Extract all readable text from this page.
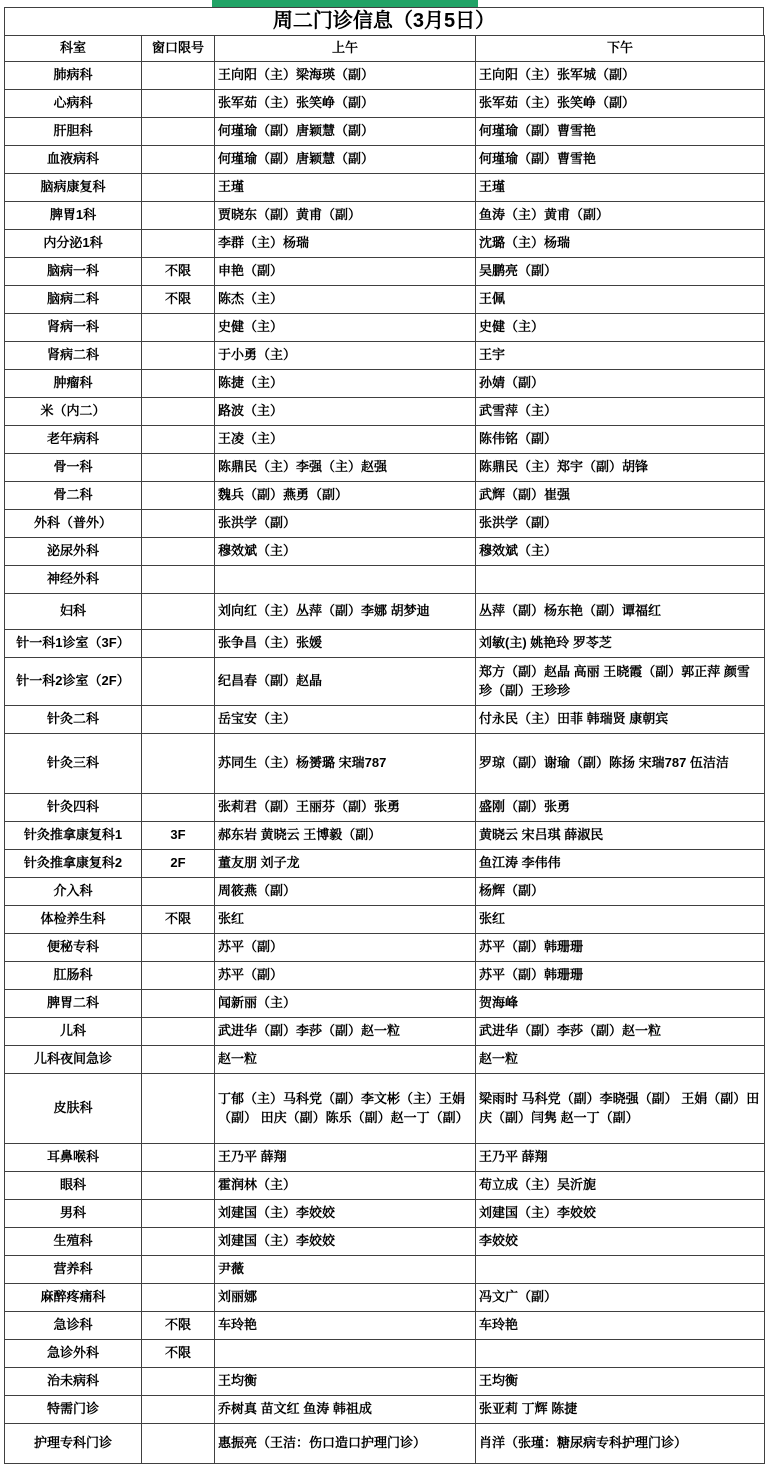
周二门诊信息（3月5日）
科室	窗口限号	上午	下午
肺病科		王向阳（主）梁海瑛（副）	王向阳（主）张军城（副）
心病科		张军茹（主）张笑峥（副）	张军茹（主）张笑峥（副）
肝胆科		何瑾瑜（副）唐颖慧（副）	何瑾瑜（副）曹雪艳
血液病科		何瑾瑜（副）唐颖慧（副）	何瑾瑜（副）曹雪艳
脑病康复科		王瑾	王瑾
脾胃1科		贾晓东（副）黄甫（副）	鱼涛（主）黄甫（副）
内分泌1科		李群（主）杨瑞	沈璐（主）杨瑞
脑病一科	不限	申艳（副）	吴鹏亮（副）
脑病二科	不限	陈杰（主）	王佩
肾病一科		史健（主）	史健（主）
肾病二科		于小勇（主）	王宇
肿瘤科		陈捷（主）	孙婧（副）
米（内二）		路波（主）	武雪萍（主）
老年病科		王凌（主）	陈伟铭（副）
骨一科		陈鼎民（主）李强（主）赵强	陈鼎民（主）郑宇（副）胡锋
骨二科		魏兵（副）燕勇（副）	武辉（副）崔强
外科（普外）		张洪学（副）	张洪学（副）
泌尿外科		穆效斌（主）	穆效斌（主）
神经外科			
妇科		刘向红（主）丛萍（副）李娜 胡梦迪	丛萍（副）杨东艳（副）谭福红
针一科1诊室（3F）		张争昌（主）张媛	刘敏(主) 姚艳玲 罗苓芝
针一科2诊室（2F）		纪昌春（副）赵晶	郑方（副）赵晶 高丽 王晓霞（副）郭正萍 颜雪珍（副）王珍珍
针灸二科		岳宝安（主）	付永民（主）田菲 韩瑞贤 康朝宾
针灸三科		苏同生（主）杨赟璐 宋瑞787	罗琼（副）谢瑜（副）陈扬 宋瑞787 伍洁洁
针灸四科		张莉君（副）王丽芬（副）张勇	盛刚（副）张勇
针灸推拿康复科1	3F	郝东岩 黄晓云 王博毅（副）	黄晓云 宋吕琪 薛淑民
针灸推拿康复科2	2F	董友朋 刘子龙	鱼江涛 李伟伟
介入科		周筱燕（副）	杨辉（副）
体检养生科	不限	张红	张红
便秘专科		苏平（副）	苏平（副）韩珊珊
肛肠科		苏平（副）	苏平（副）韩珊珊
脾胃二科		闻新丽（主）	贺海峰
儿科		武进华（副）李莎（副）赵一粒	武进华（副）李莎（副）赵一粒
儿科夜间急诊		赵一粒	赵一粒
皮肤科		丁郁（主）马科党（副）李文彬（主）王娟（副） 田庆（副）陈乐（副）赵一丁（副）	梁雨时 马科党（副）李晓强（副） 王娟（副）田庆（副）闫隽 赵一丁（副）
耳鼻喉科		王乃平 薛翔	王乃平 薛翔
眼科		霍润林（主）	苟立成（主）吴沂旎
男科		刘建国（主）李姣姣	刘建国（主）李姣姣
生殖科		刘建国（主）李姣姣	李姣姣
营养科		尹薇	
麻醉疼痛科		刘丽娜	冯文广（副）
急诊科	不限	车玲艳	车玲艳
急诊外科	不限		
治未病科		王均衡	王均衡
特需门诊		乔树真 苗文红 鱼涛 韩祖成	张亚莉 丁辉 陈捷
护理专科门诊		惠振亮（王洁：伤口造口护理门诊）	肖洋（张瑾：糖尿病专科护理门诊）
